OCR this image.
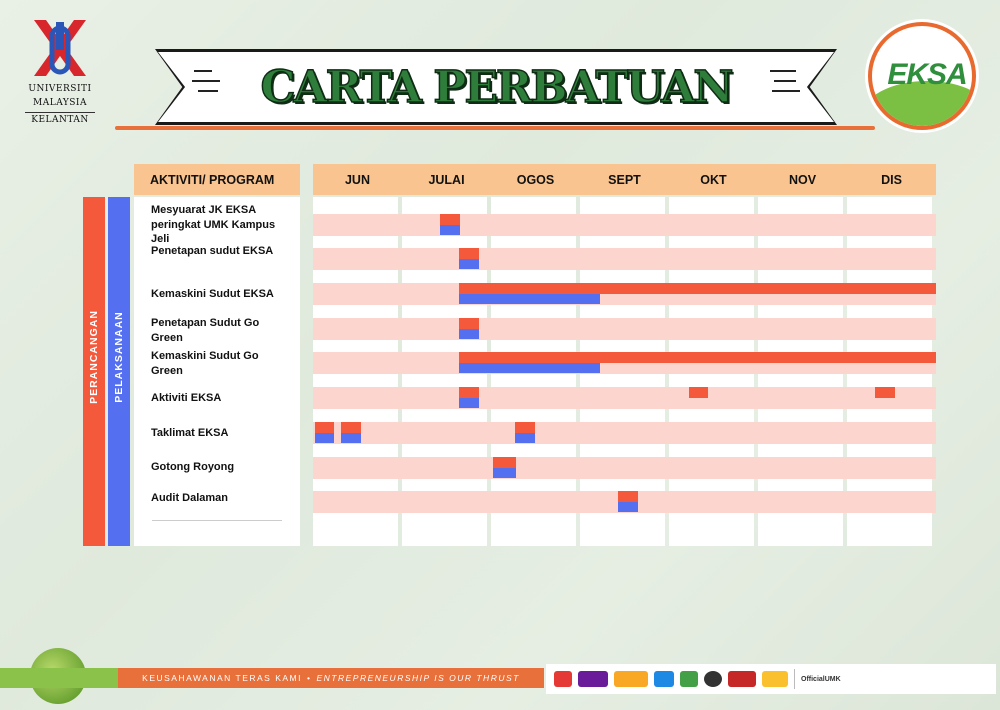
UNIVERSITI
MALAYSIA
KELANTAN
CARTA PERBATUAN	EKSA
AKTIVITI/ PROGRAM	JUN	JULAI	OGOS	SEPT	OKT	NOV	DIS
PERANCANGAN PELAKSANAAN
Mesyuarat JK EKSA peringkat UMK Kampus Jeli
Penetapan sudut EKSA
Kemaskini Sudut EKSA
Penetapan Sudut Go Green
Kemaskini Sudut Go Green
Aktiviti EKSA
Taklimat EKSA
Gotong Royong
Audit Dalaman
KEUSAHAWANAN TERAS KAMI • ENTREPRENEURSHIP IS OUR THRUST	OfficialUMK
